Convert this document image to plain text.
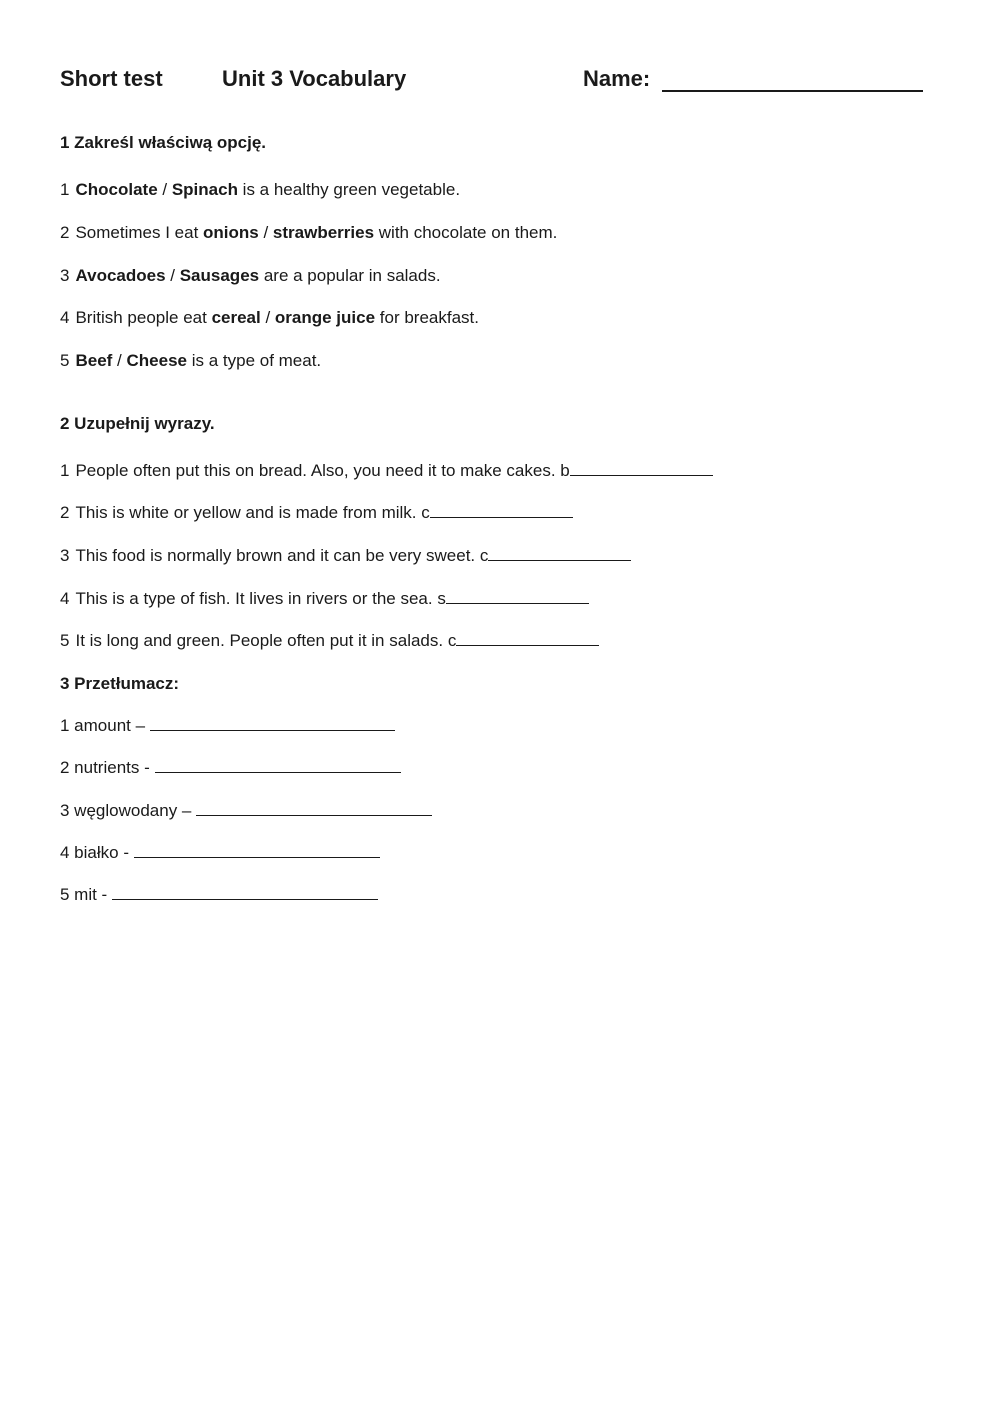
Short test	Unit 3 Vocabulary	Name:
1 Zakreśl właściwą opcję.
1 Chocolate / Spinach is a healthy green vegetable.
2 Sometimes I eat onions / strawberries with chocolate on them.
3 Avocadoes / Sausages are a popular in salads.
4 British people eat cereal / orange juice for breakfast.
5 Beef / Cheese is a type of meat.
2 Uzupełnij wyrazy.
1 People often put this on bread. Also, you need it to make cakes. b
2 This is white or yellow and is made from milk. c
3 This food is normally brown and it can be very sweet. c
4 This is a type of fish. It lives in rivers or the sea. s
5 It is long and green. People often put it in salads. c
3 Przetłumacz:
1 amount –
2 nutrients -
3 węglowodany –
4 białko -
5 mit -
